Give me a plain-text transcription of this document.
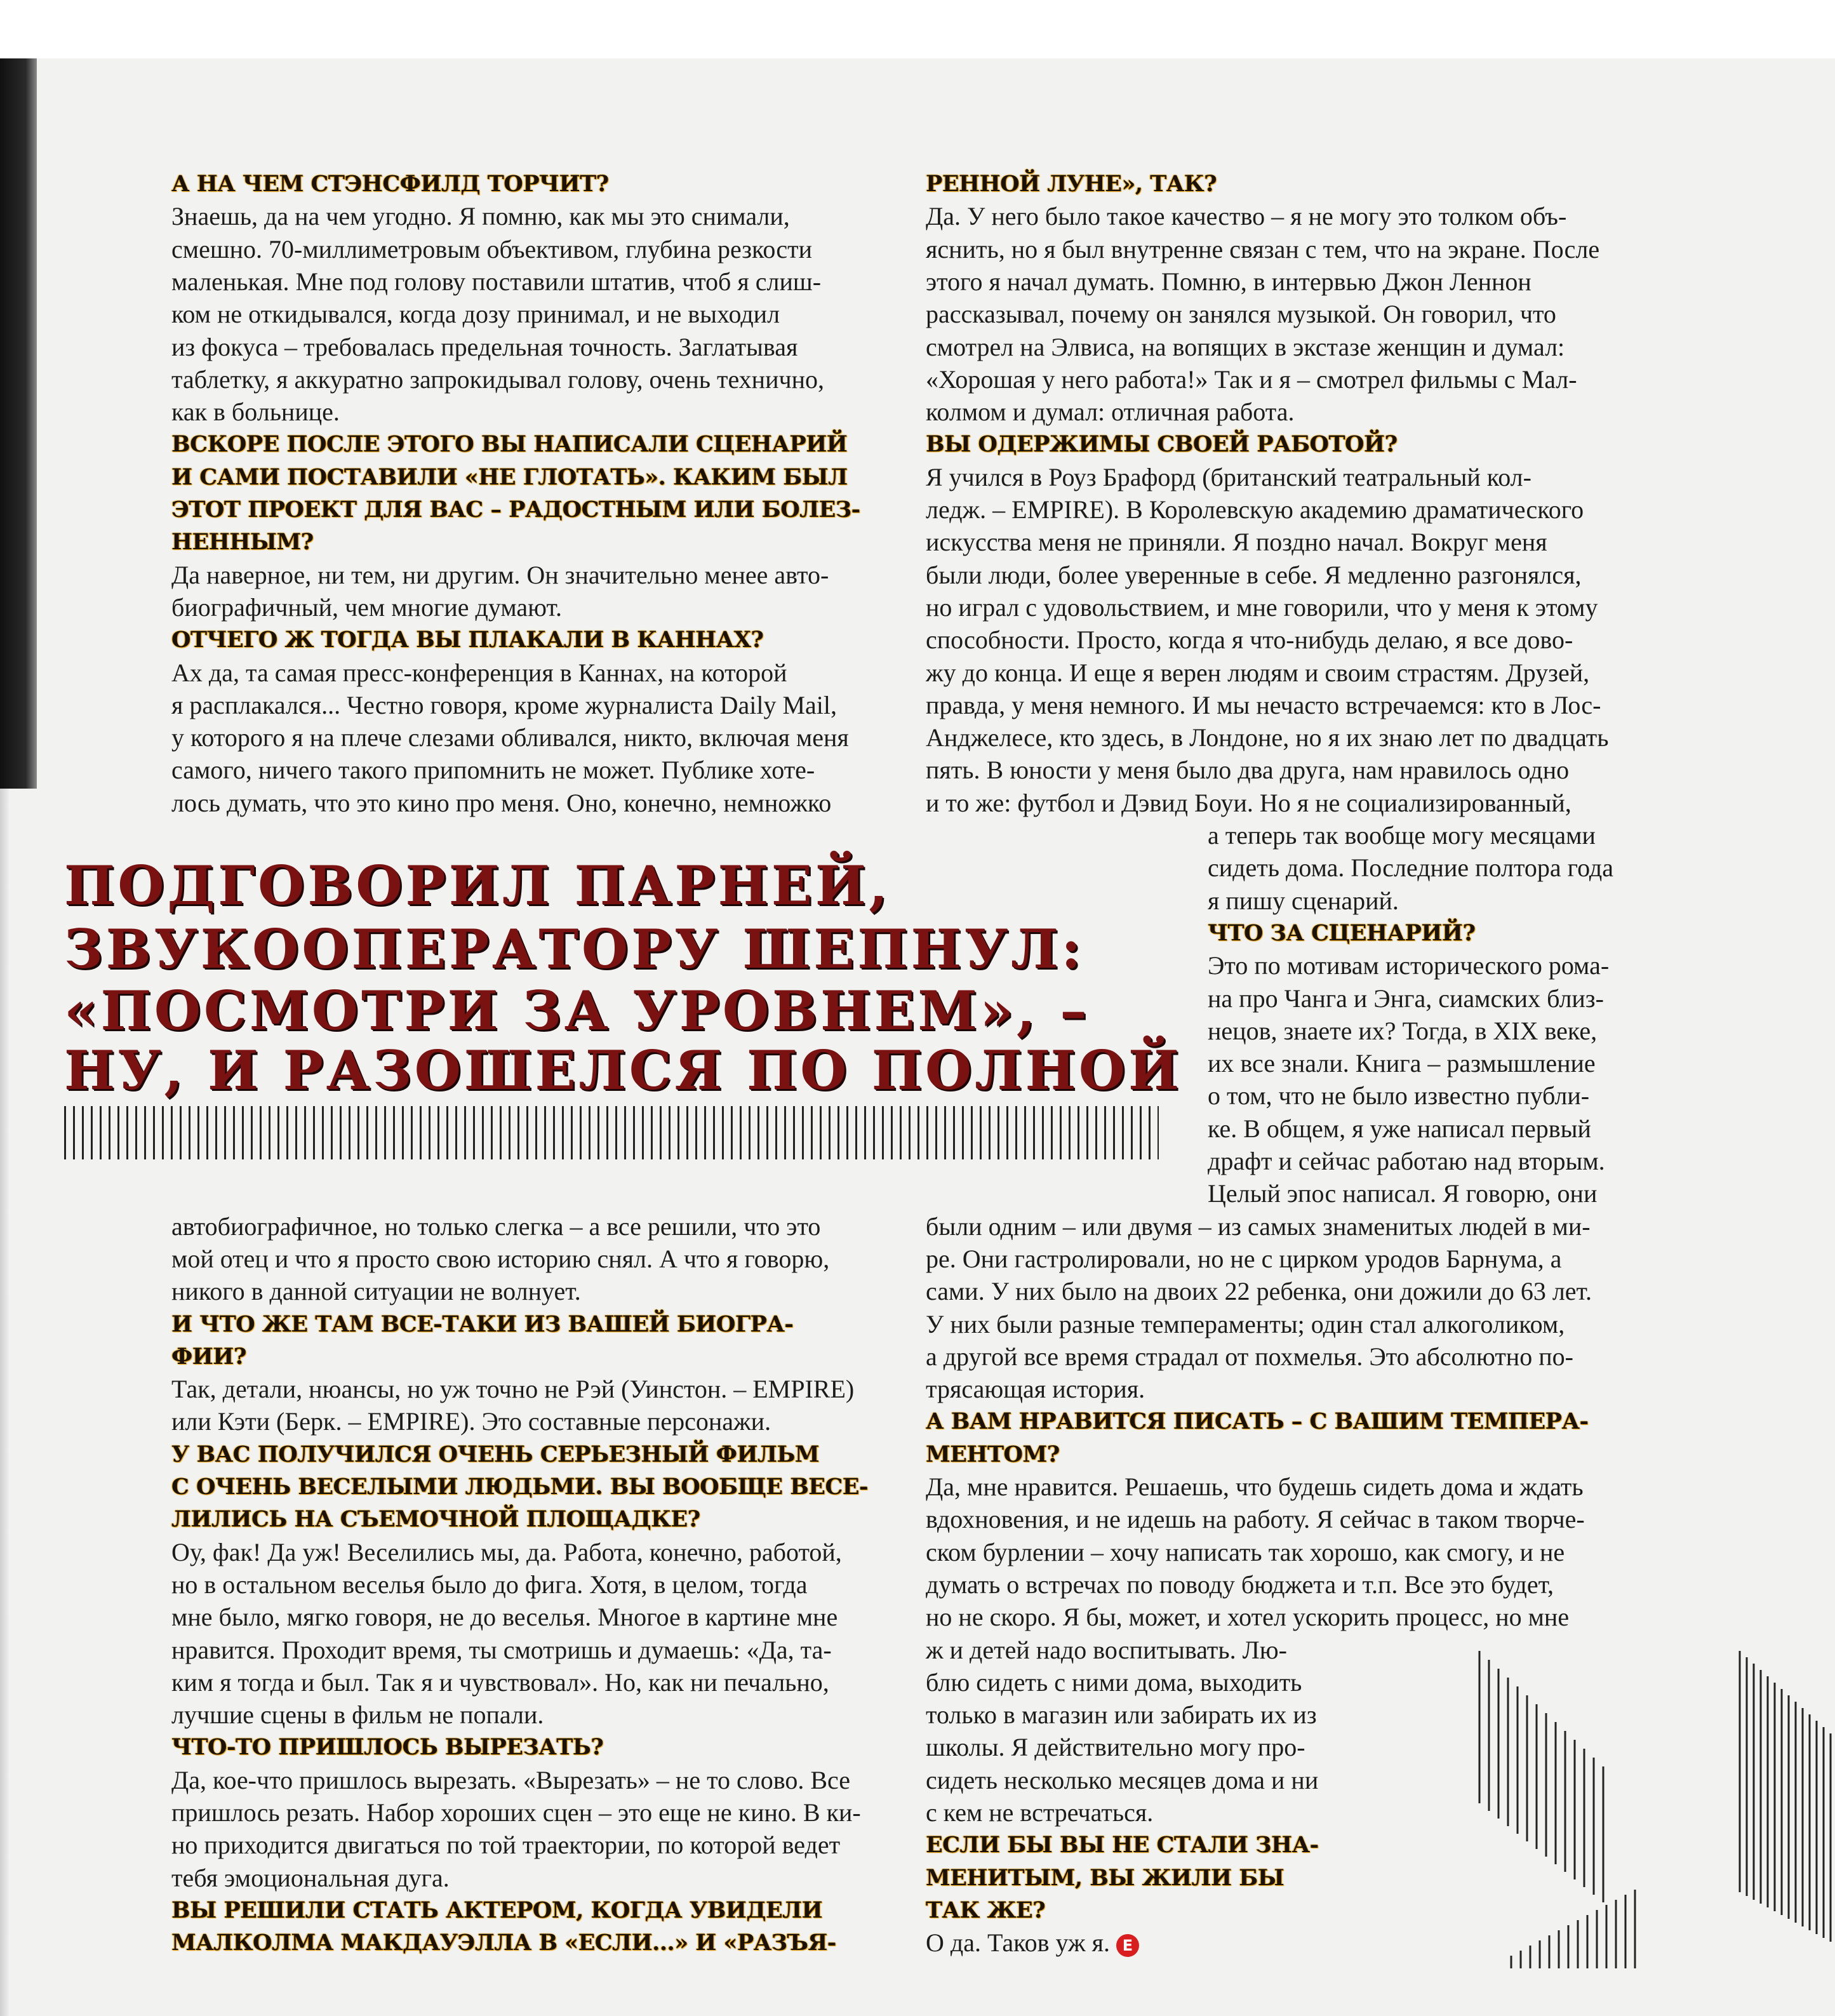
А НА ЧЕМ СТЭНСФИЛД ТОРЧИТ?
Знаешь, да на чем угодно. Я помню, как мы это снимали,
смешно. 70-миллиметровым объективом, глубина резкости
маленькая. Мне под голову поставили штатив, чтоб я слиш-
ком не откидывался, когда дозу принимал, и не выходил
из фокуса – требовалась предельная точность. Заглатывая
таблетку, я аккуратно запрокидывал голову, очень технично,
как в больнице.
ВСКОРЕ ПОСЛЕ ЭТОГО ВЫ НАПИСАЛИ СЦЕНАРИЙ
И САМИ ПОСТАВИЛИ «НЕ ГЛОТАТЬ». КАКИМ БЫЛ
ЭТОТ ПРОЕКТ ДЛЯ ВАС – РАДОСТНЫМ ИЛИ БОЛЕЗ-
НЕННЫМ?
Да наверное, ни тем, ни другим. Он значительно менее авто-
биографичный, чем многие думают.
ОТЧЕГО Ж ТОГДА ВЫ ПЛАКАЛИ В КАННАХ?
Ах да, та самая пресс-конференция в Каннах, на которой
я расплакался... Честно говоря, кроме журналиста Daily Mail,
у которого я на плече слезами обливался, никто, включая меня
самого, ничего такого припомнить не может. Публике хоте-
лось думать, что это кино про меня. Оно, конечно, немножко
автобиографичное, но только слегка – а все решили, что это
мой отец и что я просто свою историю снял. А что я говорю,
никого в данной ситуации не волнует.
И ЧТО ЖЕ ТАМ ВСЕ-ТАКИ ИЗ ВАШЕЙ БИОГРА-
ФИИ?
Так, детали, нюансы, но уж точно не Рэй (Уинстон. – EMPIRE)
или Кэти (Берк. – EMPIRE). Это составные персонажи.
У ВАС ПОЛУЧИЛСЯ ОЧЕНЬ СЕРЬЕЗНЫЙ ФИЛЬМ
С ОЧЕНЬ ВЕСЕЛЫМИ ЛЮДЬМИ. ВЫ ВООБЩЕ ВЕСЕ-
ЛИЛИСЬ НА СЪЕМОЧНОЙ ПЛОЩАДКЕ?
Оу, фак! Да уж! Веселились мы, да. Работа, конечно, работой,
но в остальном веселья было до фига. Хотя, в целом, тогда
мне было, мягко говоря, не до веселья. Многое в картине мне
нравится. Проходит время, ты смотришь и думаешь: «Да, та-
ким я тогда и был. Так я и чувствовал». Но, как ни печально,
лучшие сцены в фильм не попали.
ЧТО-ТО ПРИШЛОСЬ ВЫРЕЗАТЬ?
Да, кое-что пришлось вырезать. «Вырезать» – не то слово. Все
пришлось резать. Набор хороших сцен – это еще не кино. В ки-
но приходится двигаться по той траектории, по которой ведет
тебя эмоциональная дуга.
ВЫ РЕШИЛИ СТАТЬ АКТЕРОМ, КОГДА УВИДЕЛИ
МАЛКОЛМА МАКДАУЭЛЛА В «ЕСЛИ...» И «РАЗЪЯ-
РЕННОЙ ЛУНЕ», ТАК?
Да. У него было такое качество – я не могу это толком объ-
яснить, но я был внутренне связан с тем, что на экране. После
этого я начал думать. Помню, в интервью Джон Леннон
рассказывал, почему он занялся музыкой. Он говорил, что
смотрел на Элвиса, на вопящих в экстазе женщин и думал:
«Хорошая у него работа!» Так и я – смотрел фильмы с Мал-
колмом и думал: отличная работа.
ВЫ ОДЕРЖИМЫ СВОЕЙ РАБОТОЙ?
Я учился в Роуз Брафорд (британский театральный кол-
ледж. – EMPIRE). В Королевскую академию драматического
искусства меня не приняли. Я поздно начал. Вокруг меня
были люди, более уверенные в себе. Я медленно разгонялся,
но играл с удовольствием, и мне говорили, что у меня к этому
способности. Просто, когда я что-нибудь делаю, я все дово-
жу до конца. И еще я верен людям и своим страстям. Друзей,
правда, у меня немного. И мы нечасто встречаемся: кто в Лос-
Анджелесе, кто здесь, в Лондоне, но я их знаю лет по двадцать
пять. В юности у меня было два друга, нам нравилось одно
и то же: футбол и Дэвид Боуи. Но я не социализированный,
а теперь так вообще могу месяцами
сидеть дома. Последние полтора года
я пишу сценарий.
ЧТО ЗА СЦЕНАРИЙ?
Это по мотивам исторического рома-
на про Чанга и Энга, сиамских близ-
нецов, знаете их? Тогда, в XIX веке,
их все знали. Книга – размышление
о том, что не было известно публи-
ке. В общем, я уже написал первый
драфт и сейчас работаю над вторым.
Целый эпос написал. Я говорю, они
были одним – или двумя – из самых знаменитых людей в ми-
ре. Они гастролировали, но не с цирком уродов Барнума, а
сами. У них было на двоих 22 ребенка, они дожили до 63 лет.
У них были разные темпераменты; один стал алкоголиком,
а другой все время страдал от похмелья. Это абсолютно по-
трясающая история.
А ВАМ НРАВИТСЯ ПИСАТЬ – С ВАШИМ ТЕМПЕРА-
МЕНТОМ?
Да, мне нравится. Решаешь, что будешь сидеть дома и ждать
вдохновения, и не идешь на работу. Я сейчас в таком творче-
ском бурлении – хочу написать так хорошо, как смогу, и не
думать о встречах по поводу бюджета и т.п. Все это будет,
но не скоро. Я бы, может, и хотел ускорить процесс, но мне
ж и детей надо воспитывать. Лю-
блю сидеть с ними дома, выходить
только в магазин или забирать их из
школы. Я действительно могу про-
сидеть несколько месяцев дома и ни
с кем не встречаться.
ЕСЛИ БЫ ВЫ НЕ СТАЛИ ЗНА-
МЕНИТЫМ, ВЫ ЖИЛИ БЫ
ТАК ЖЕ?
О да. Таков уж я. E
ПОДГОВОРИЛ ПАРНЕЙ,
ЗВУКООПЕРАТОРУ ШЕПНУЛ:
«ПОСМОТРИ ЗА УРОВНЕМ», –
НУ, И РАЗОШЕЛСЯ ПО ПОЛНОЙ
